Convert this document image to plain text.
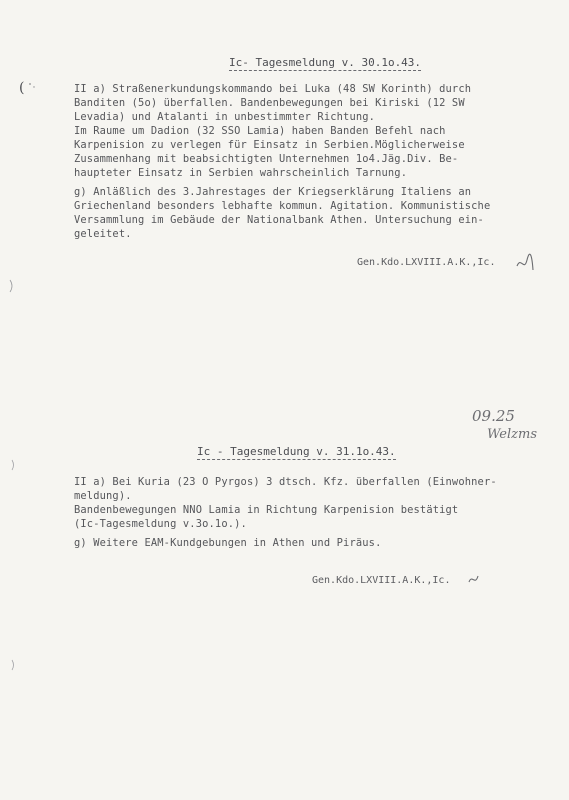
Ic- Tagesmeldung v. 30.1o.43.
(	II a) Straßenerkundungskommando bei Luka (48 SW Korinth) durch
Banditen (5o) überfallen. Bandenbewegungen bei Kiriski (12 SW
Levadia) und Atalanti in unbestimmter Richtung.
Im Raume um Dadion (32 SSO Lamia) haben Banden Befehl nach
Karpenision zu verlegen für Einsatz in Serbien.Möglicherweise
Zusammenhang mit beabsichtigten Unternehmen 1o4.Jäg.Div. Be-
haupteter Einsatz in Serbien wahrscheinlich Tarnung.
g) Anläßlich des 3.Jahrestages der Kriegserklärung Italiens an
Griechenland besonders lebhafte kommun. Agitation. Kommunistische
Versammlung im Gebäude der Nationalbank Athen. Untersuchung ein-
geleitet.
Gen.Kdo.LXVIII.A.K.,Ic.
09.25
Welzms
Ic - Tagesmeldung v. 31.1o.43.
II a) Bei Kuria (23 O Pyrgos) 3 dtsch. Kfz. überfallen (Einwohner-
meldung).
Bandenbewegungen NNO Lamia in Richtung Karpenision bestätigt
(Ic-Tagesmeldung v.3o.1o.).
g) Weitere EAM-Kundgebungen in Athen und Piräus.
Gen.Kdo.LXVIII.A.K.,Ic.
